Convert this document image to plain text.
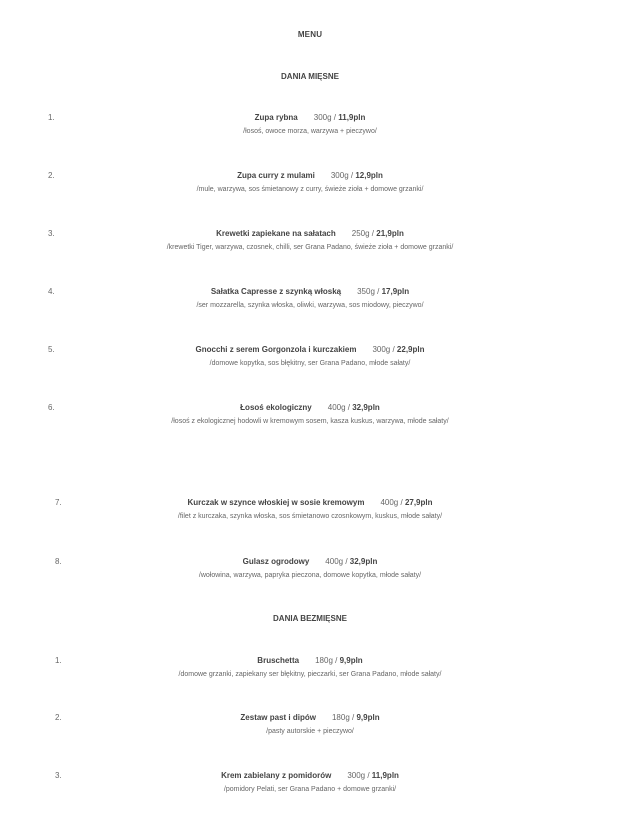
MENU
DANIA MIĘSNE
1.	Zupa rybna 300g / 11,9pln
/łosoś, owoce morza, warzywa + pieczywo/
2.	Zupa curry z mulami 300g / 12,9pln
/mule, warzywa, sos śmietanowy z curry, świeże zioła + domowe grzanki/
3.	Krewetki zapiekane na sałatach 250g / 21,9pln
/krewetki Tiger, warzywa, czosnek, chilli, ser Grana Padano, świeże zioła + domowe grzanki/
4.	Sałatka Capresse z szynką włoską 350g / 17,9pln
/ser mozzarella, szynka włoska, oliwki, warzywa, sos miodowy, pieczywo/
5.	Gnocchi z serem Gorgonzola i kurczakiem 300g / 22,9pln
/domowe kopytka, sos błękitny, ser Grana Padano, młode sałaty/
6.	Łosoś ekologiczny 400g / 32,9pln
/łosoś z ekologicznej hodowli w kremowym sosem, kasza kuskus, warzywa, młode sałaty/
7.	Kurczak w szynce włoskiej w sosie kremowym 400g / 27,9pln
/filet z kurczaka, szynka włoska, sos śmietanowo czosnkowym, kuskus, młode sałaty/
8.	Gulasz ogrodowy 400g / 32,9pln
/wołowina, warzywa, papryka pieczona, domowe kopytka, młode sałaty/
DANIA BEZMIĘSNE
1.	Bruschetta 180g / 9,9pln
/domowe grzanki, zapiekany ser błękitny, pieczarki, ser Grana Padano, młode sałaty/
2.	Zestaw past i dipów 180g / 9,9pln
/pasty autorskie + pieczywo/
3.	Krem zabielany z pomidorów 300g / 11,9pln
/pomidory Pelati, ser Grana Padano + domowe grzanki/
